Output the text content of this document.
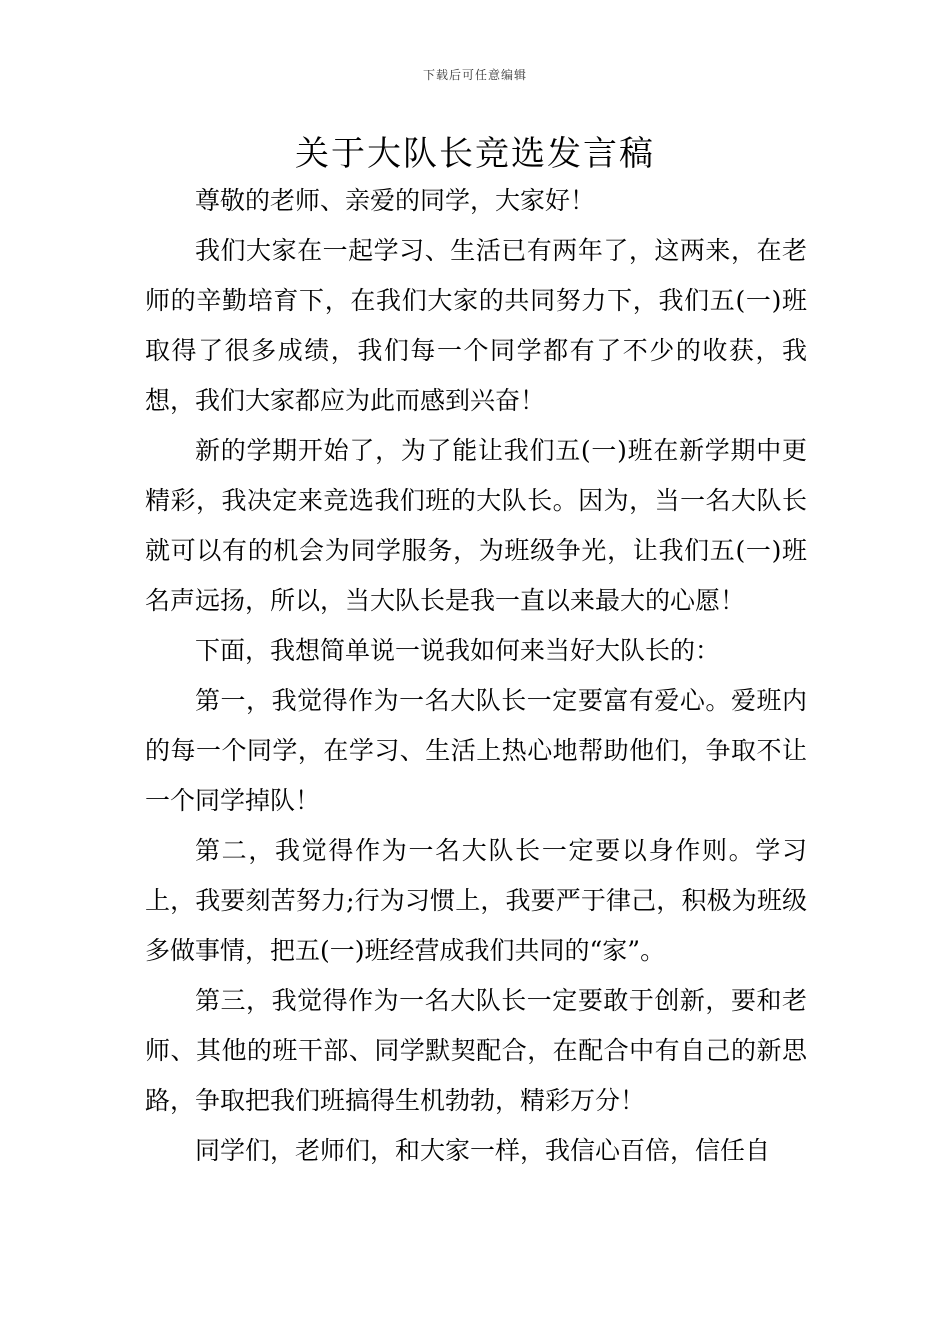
下载后可任意编辑
关于大队长竞选发言稿

尊敬的老师、亲爱的同学，大家好！

我们大家在一起学习、生活已有两年了，这两来，在老师的辛勤培育下，在我们大家的共同努力下，我们五(一)班取得了很多成绩，我们每一个同学都有了不少的收获，我想，我们大家都应为此而感到兴奋！

新的学期开始了，为了能让我们五(一)班在新学期中更精彩，我决定来竞选我们班的大队长。因为，当一名大队长就可以有的机会为同学服务，为班级争光，让我们五(一)班名声远扬，所以，当大队长是我一直以来最大的心愿！

下面，我想简单说一说我如何来当好大队长的：

第一，我觉得作为一名大队长一定要富有爱心。爱班内的每一个同学，在学习、生活上热心地帮助他们，争取不让一个同学掉队！

第二，我觉得作为一名大队长一定要以身作则。学习上，我要刻苦努力;行为习惯上，我要严于律己，积极为班级多做事情，把五(一)班经营成我们共同的“家”。

第三，我觉得作为一名大队长一定要敢于创新，要和老师、其他的班干部、同学默契配合，在配合中有自己的新思路，争取把我们班搞得生机勃勃，精彩万分！

同学们，老师们，和大家一样，我信心百倍，信任自
